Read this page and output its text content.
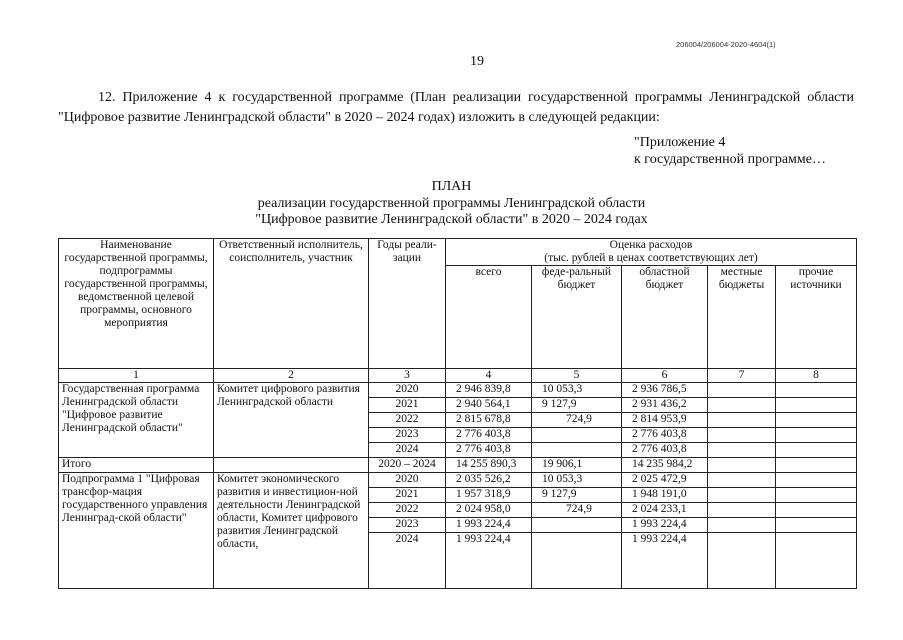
206004/206004-2020-4604(1)
19
12. Приложение 4 к государственной программе (План реализации государственной программы Ленинградской области "Цифровое развитие Ленинградской области" в 2020 – 2024 годах) изложить в следующей редакции:
"Приложение 4
к государственной программе…
ПЛАН
реализации государственной программы Ленинградской области
"Цифровое развитие Ленинградской области" в 2020 – 2024 годах
Наименование государственной программы, подпрограммы государственной программы, ведомственной целевой программы, основного мероприятия	Ответственный исполнитель, соисполнитель, участник	Годы реали-зации	Оценка расходов
(тыс. рублей в ценах соответствующих лет)				

			всего	феде-ральный бюджет	областной бюджет	местные бюджеты	прочие источники
1	2	3	4	5	6	7	8
Государственная программа Ленинградской области "Цифровое развитие Ленинградской области"	Комитет цифрового развития Ленинградской области	2020	2 946 839,8	10 053,3	2 936 786,5		
		2021	2 940 564,1	9 127,9	2 931 436,2		
		2022	2 815 678,8	724,9	2 814 953,9		
		2023	2 776 403,8		2 776 403,8		
		2024	2 776 403,8		2 776 403,8		
Итого		2020 – 2024	14 255 890,3	19 906,1	14 235 984,2		
Подпрограмма 1 "Цифровая трансфор-мация государственного управления Ленинград-ской области"	Комитет экономического развития и инвестицион-ной деятельности Ленинградской области, Комитет цифрового развития Ленинградской области,	2020	2 035 526,2	10 053,3	2 025 472,9		
		2021	1 957 318,9	9 127,9	1 948 191,0		
		2022	2 024 958,0	724,9	2 024 233,1		
		2023	1 993 224,4		1 993 224,4		
		2024	1 993 224,4		1 993 224,4		
